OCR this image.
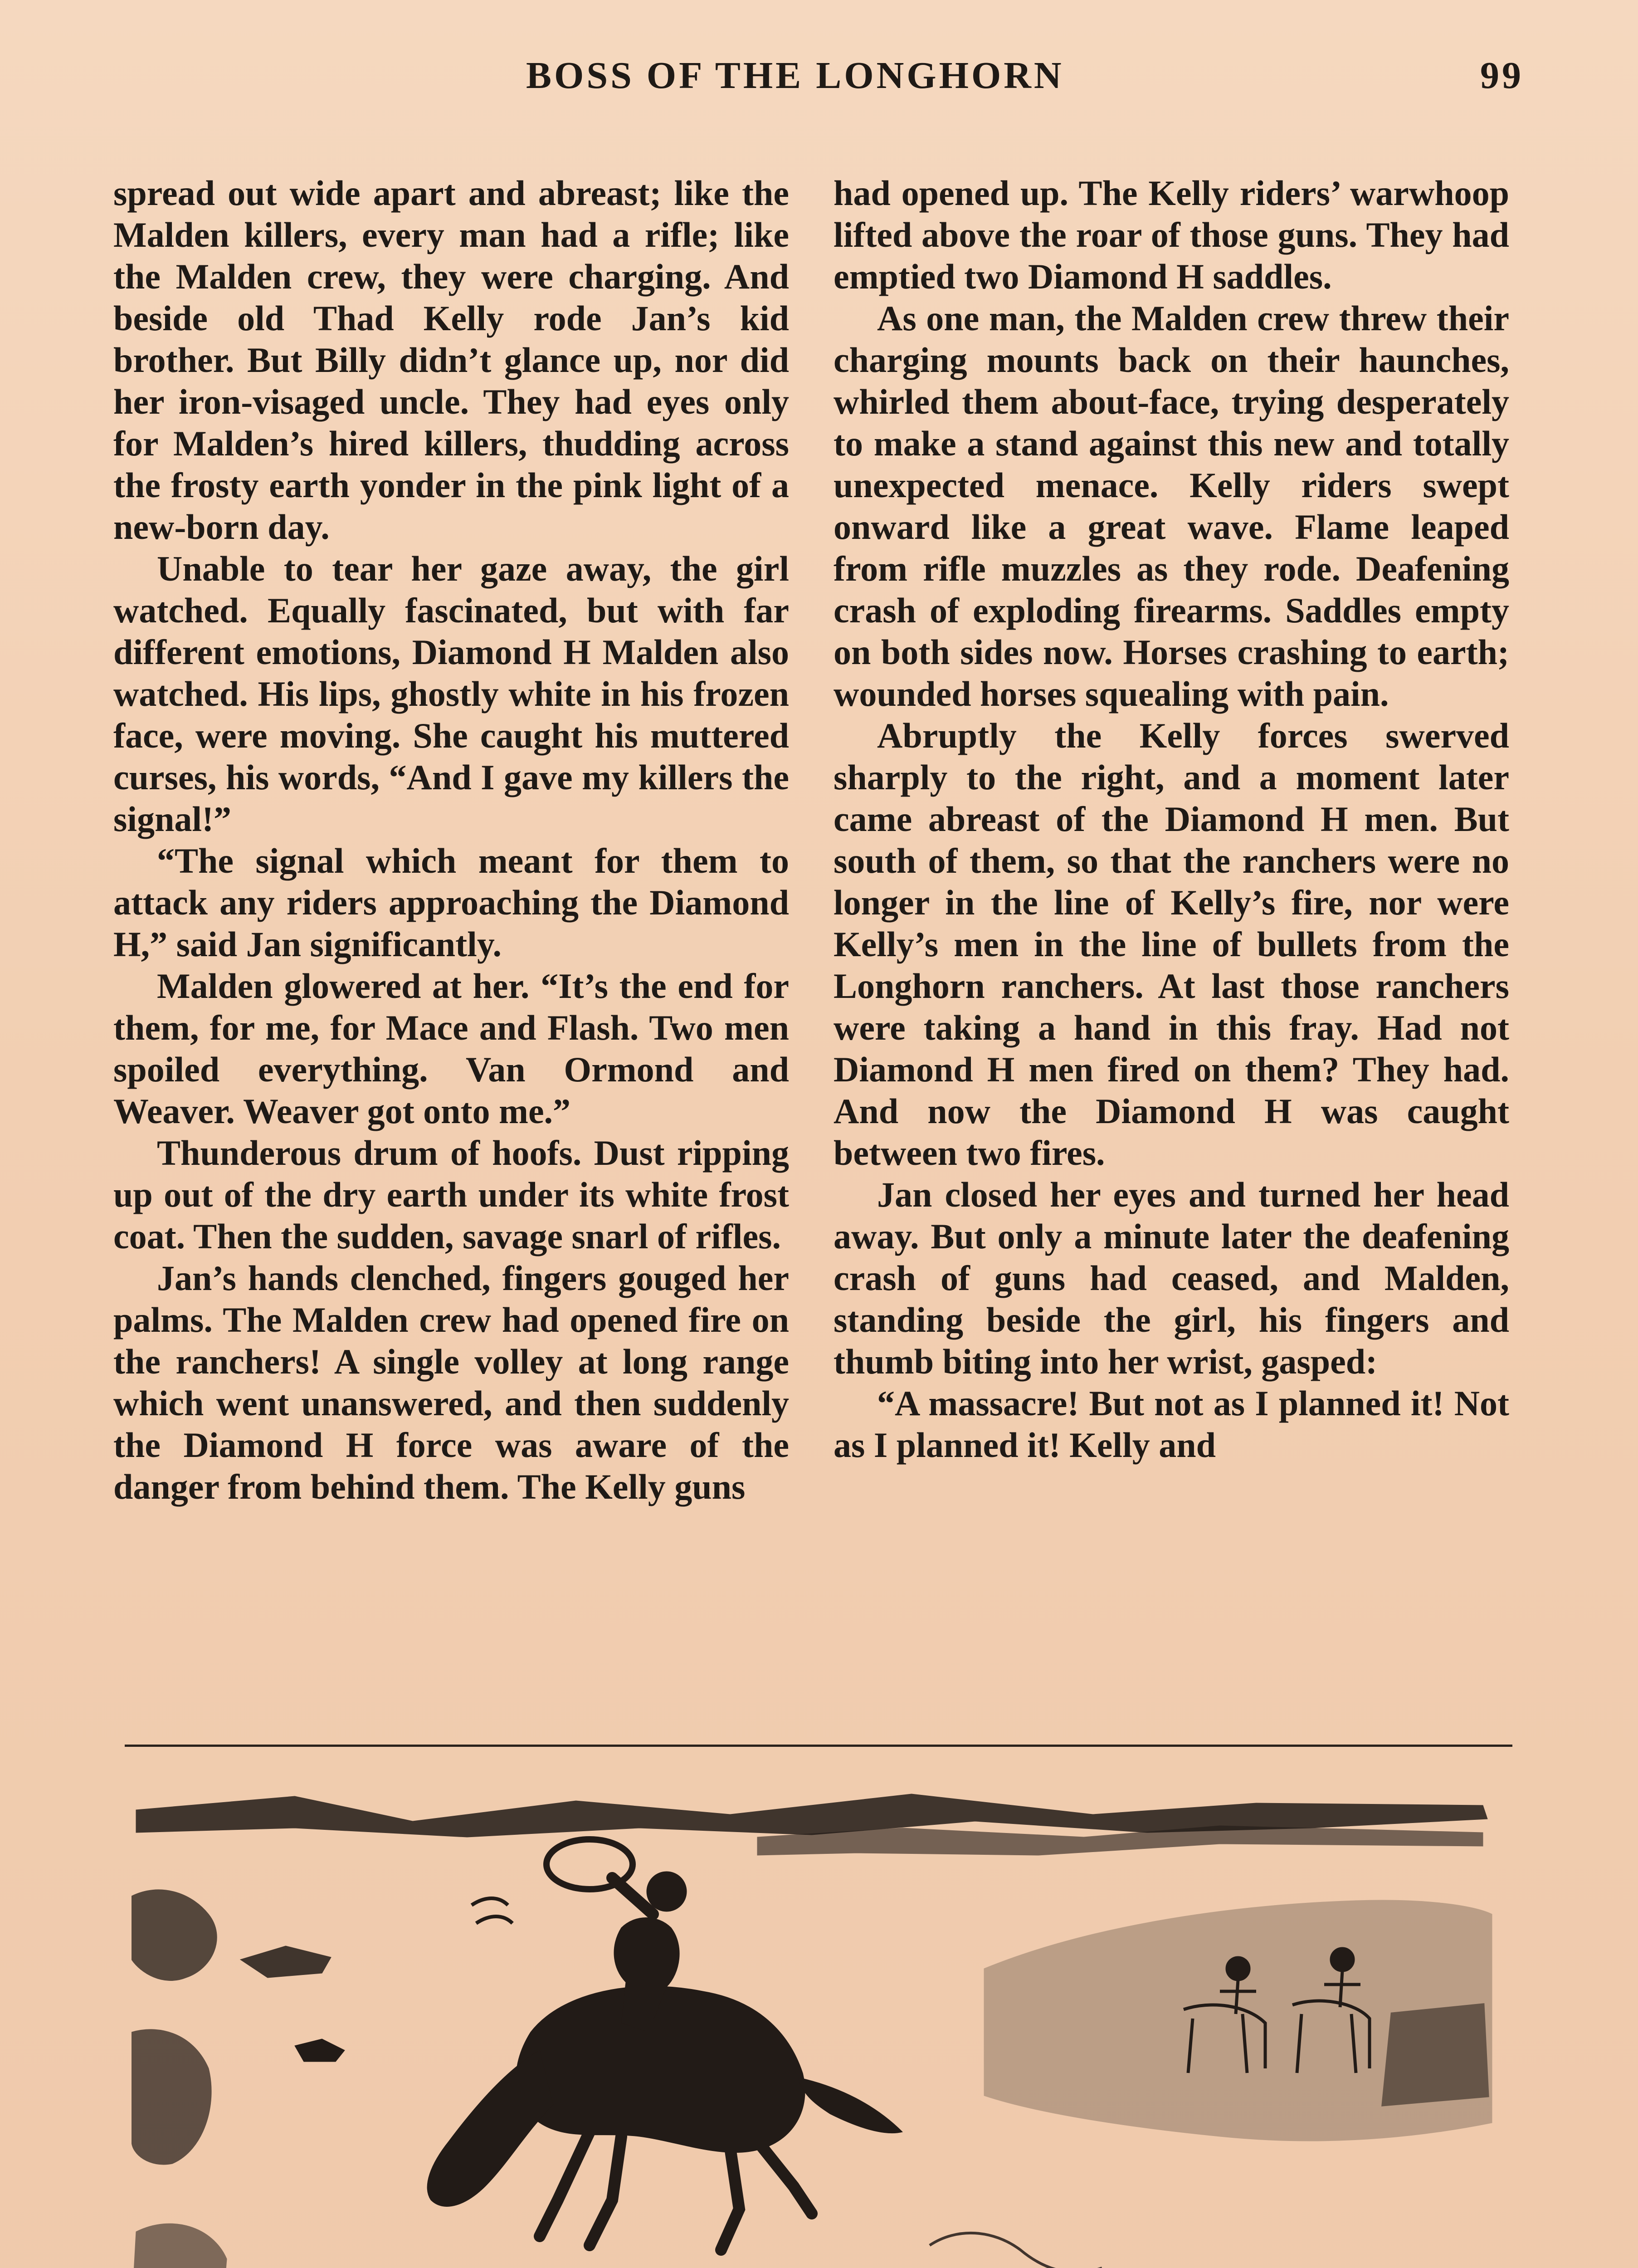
BOSS OF THE LONGHORN	99

spread out wide apart and abreast; like the Malden killers, every man had a rifle; like the Malden crew, they were charging. And beside old Thad Kelly rode Jan’s kid brother. But Billy didn’t glance up, nor did her iron-visaged uncle. They had eyes only for Malden’s hired killers, thudding across the frosty earth yonder in the pink light of a new-born day.

Unable to tear her gaze away, the girl watched. Equally fascinated, but with far different emotions, Diamond H Malden also watched. His lips, ghostly white in his frozen face, were moving. She caught his muttered curses, his words, “And I gave my killers the signal!”

“The signal which meant for them to attack any riders approaching the Diamond H,” said Jan significantly.

Malden glowered at her. “It’s the end for them, for me, for Mace and Flash. Two men spoiled everything. Van Ormond and Weaver. Weaver got onto me.”

Thunderous drum of hoofs. Dust ripping up out of the dry earth under its white frost coat. Then the sudden, savage snarl of rifles.

Jan’s hands clenched, fingers gouged her palms. The Malden crew had opened fire on the ranchers! A single volley at long range which went unanswered, and then suddenly the Diamond H force was aware of the danger from behind them. The Kelly guns

had opened up. The Kelly riders’ warwhoop lifted above the roar of those guns. They had emptied two Diamond H saddles.

As one man, the Malden crew threw their charging mounts back on their haunches, whirled them about-face, trying desperately to make a stand against this new and totally unexpected menace. Kelly riders swept onward like a great wave. Flame leaped from rifle muzzles as they rode. Deafening crash of exploding firearms. Saddles empty on both sides now. Horses crashing to earth; wounded horses squealing with pain.

Abruptly the Kelly forces swerved sharply to the right, and a moment later came abreast of the Diamond H men. But south of them, so that the ranchers were no longer in the line of Kelly’s fire, nor were Kelly’s men in the line of bullets from the Longhorn ranchers. At last those ranchers were taking a hand in this fray. Had not Diamond H men fired on them? They had. And now the Diamond H was caught between two fires.

Jan closed her eyes and turned her head away. But only a minute later the deafening crash of guns had ceased, and Malden, standing beside the girl, his fingers and thumb biting into her wrist, gasped:

“A massacre! But not as I planned it! Not as I planned it! Kelly and
